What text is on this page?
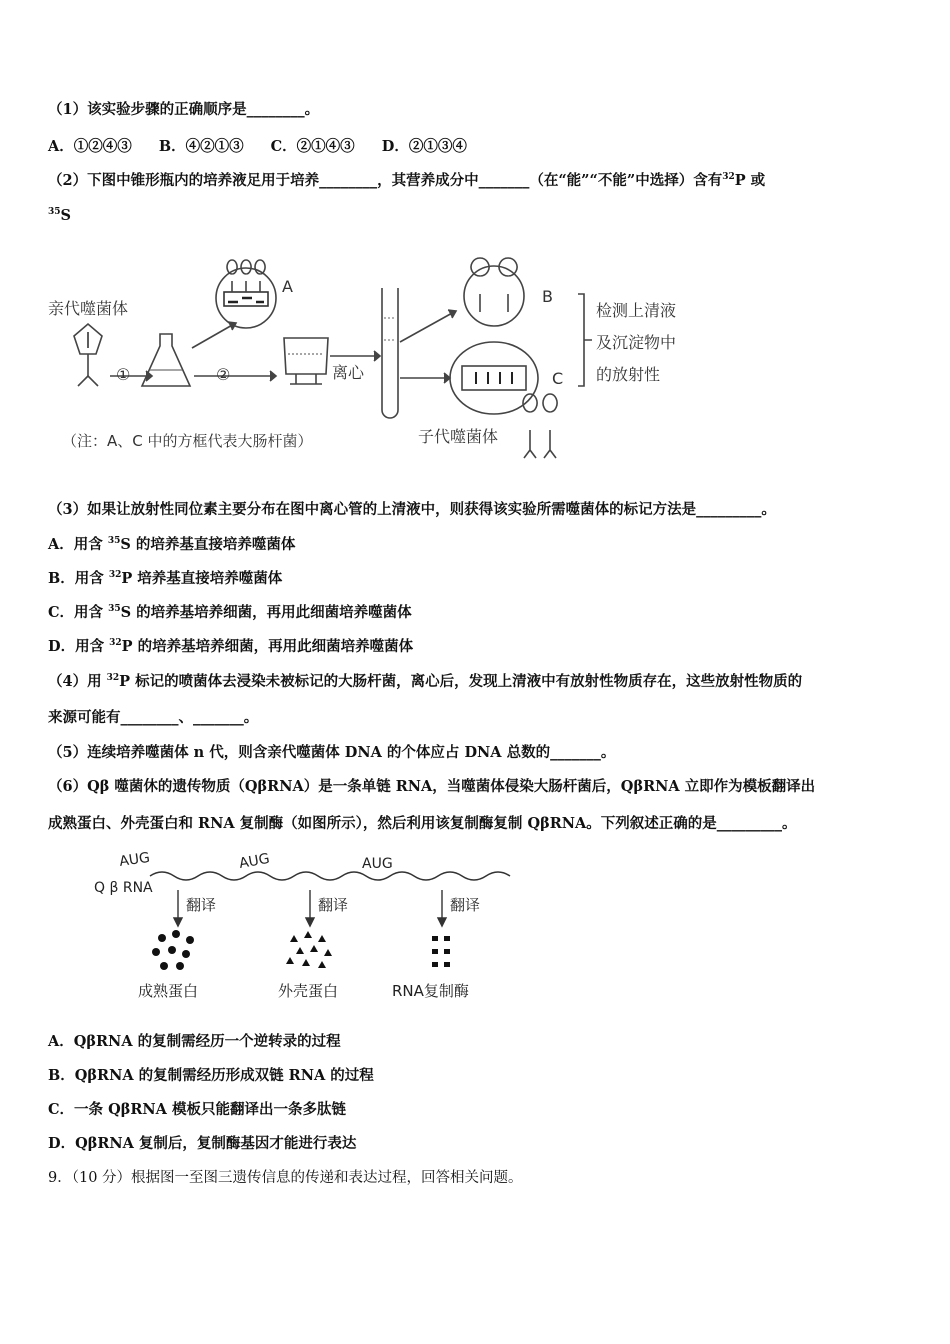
（1）该实验步骤的正确顺序是________。
A．①②④③ B．④②①③ C．②①④③ D．②①③④
（2）下图中锥形瓶内的培养液足用于培养________，其营养成分中_______（在“能”“不能”中选择）含有$^{32}$P 或
$^{35}$S
亲代噬菌体
①	②
A
离心
B
C
检测上清液
及沉淀物中
的放射性
（注：A、C 中的方框代表大肠杆菌）	子代噬菌体
（3）如果让放射性同位素主要分布在图中离心管的上清液中，则获得该实验所需噬菌体的标记方法是_________。
A．用含 $^{35}$S 的培养基直接培养噬菌体
B．用含 $^{32}$P 培养基直接培养噬菌体
C．用含 $^{35}$S 的培养基培养细菌，再用此细菌培养噬菌体
D．用含 $^{32}$P 的培养基培养细菌，再用此细菌培养噬菌体
（4）用 $^{32}$P 标记的喷菌体去浸染未被标记的大肠杆菌，离心后，发现上清液中有放射性物质存在，这些放射性物质的
来源可能有________、_______。
（5）连续培养噬菌体 n 代，则含亲代噬菌体 DNA 的个体应占 DNA 总数的_______。
（6）Qβ 噬菌休的遗传物质（QβRNA）是一条单链 RNA，当噬菌体侵染大肠杆菌后，QβRNA 立即作为模板翻译出
成熟蛋白、外壳蛋白和 RNA 复制酶（如图所示），然后利用该复制酶复制 QβRNA。下列叙述正确的是_________。
Q β RNA
AUG	AUG	AUG
翻译	翻译	翻译
成熟蛋白	外壳蛋白	RNA复制酶
A．QβRNA 的复制需经历一个逆转录的过程
B．QβRNA 的复制需经历形成双链 RNA 的过程
C．一条 QβRNA 模板只能翻译出一条多肽链
D．QβRNA 复制后，复制酶基因才能进行表达
9．（10 分）根据图一至图三遗传信息的传递和表达过程，回答相关问题。
